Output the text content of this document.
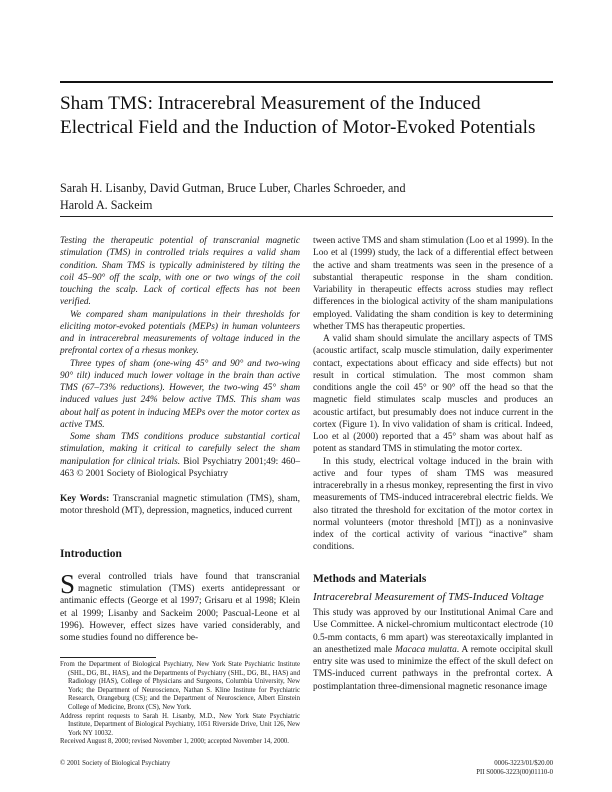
Sham TMS: Intracerebral Measurement of the Induced Electrical Field and the Induction of Motor-Evoked Potentials
Sarah H. Lisanby, David Gutman, Bruce Luber, Charles Schroeder, and
Harold A. Sackeim

Testing the therapeutic potential of transcranial magnetic stimulation (TMS) in controlled trials requires a valid sham condition. Sham TMS is typically administered by tilting the coil 45–90° off the scalp, with one or two wings of the coil touching the scalp. Lack of cortical effects has not been verified.

We compared sham manipulations in their thresholds for eliciting motor-evoked potentials (MEPs) in human volunteers and in intracerebral measurements of voltage induced in the prefrontal cortex of a rhesus monkey.

Three types of sham (one-wing 45° and 90° and two-wing 90° tilt) induced much lower voltage in the brain than active TMS (67–73% reductions). However, the two-wing 45° sham induced values just 24% below active TMS. This sham was about half as potent in inducing MEPs over the motor cortex as active TMS.

Some sham TMS conditions produce substantial cortical stimulation, making it critical to carefully select the sham manipulation for clinical trials. Biol Psychiatry 2001;49: 460–463 © 2001 Society of Biological Psychiatry

Key Words: Transcranial magnetic stimulation (TMS), sham, motor threshold (MT), depression, magnetics, induced current

Introduction

Several controlled trials have found that transcranial magnetic stimulation (TMS) exerts antidepressant or antimanic effects (George et al 1997; Grisaru et al 1998; Klein et al 1999; Lisanby and Sackeim 2000; Pascual-Leone et al 1996). However, effect sizes have varied considerably, and some studies found no difference be-

tween active TMS and sham stimulation (Loo et al 1999). In the Loo et al (1999) study, the lack of a differential effect between the active and sham treatments was seen in the presence of a substantial therapeutic response in the sham condition. Variability in therapeutic effects across studies may reflect differences in the biological activity of the sham manipulations employed. Validating the sham condition is key to determining whether TMS has therapeutic properties.

A valid sham should simulate the ancillary aspects of TMS (acoustic artifact, scalp muscle stimulation, daily experimenter contact, expectations about efficacy and side effects) but not result in cortical stimulation. The most common sham conditions angle the coil 45° or 90° off the head so that the magnetic field stimulates scalp muscles and produces an acoustic artifact, but presumably does not induce current in the cortex (Figure 1). In vivo validation of sham is critical. Indeed, Loo et al (2000) reported that a 45° sham was about half as potent as standard TMS in stimulating the motor cortex.

In this study, electrical voltage induced in the brain with active and four types of sham TMS was measured intracerebrally in a rhesus monkey, representing the first in vivo measurements of TMS-induced intracerebral electric fields. We also titrated the threshold for excitation of the motor cortex in normal volunteers (motor threshold [MT]) as a noninvasive index of the cortical activity of various “inactive” sham conditions.

Methods and Materials
Intracerebral Measurement of TMS-Induced Voltage

This study was approved by our Institutional Animal Care and Use Committee. A nickel-chromium multicontact electrode (10 0.5-mm contacts, 6 mm apart) was stereotaxically implanted in an anesthetized male Macaca mulatta. A remote occipital skull entry site was used to minimize the effect of the skull defect on TMS-induced current pathways in the prefrontal cortex. A postimplantation three-dimensional magnetic resonance image

From the Department of Biological Psychiatry, New York State Psychiatric Institute (SHL, DG, BL, HAS), and the Departments of Psychiatry (SHL, DG, BL, HAS) and Radiology (HAS), College of Physicians and Surgeons, Columbia University, New York; the Department of Neuroscience, Nathan S. Kline Institute for Psychiatric Research, Orangeburg (CS); and the Department of Neuroscience, Albert Einstein College of Medicine, Bronx (CS), New York.

Address reprint requests to Sarah H. Lisanby, M.D., New York State Psychiatric Institute, Department of Biological Psychiatry, 1051 Riverside Drive, Unit 126, New York NY 10032.

Received August 8, 2000; revised November 1, 2000; accepted November 14, 2000.

© 2001 Society of Biological Psychiatry	0006-3223/01/$20.00
PII S0006-3223(00)01110-0
